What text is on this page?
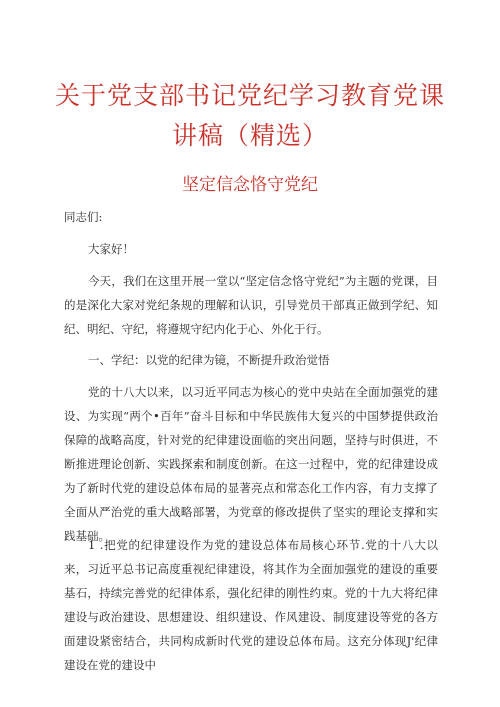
关于党支部书记党纪学习教育党课
讲稿（精选）
坚定信念恪守党纪

同志们:

大家好！

今天，我们在这里开展一堂以“坚定信念恪守党纪”为主题的党课，目的是深化大家对党纪条规的理解和认识，引导党员干部真正做到学纪、知纪、明纪、守纪，将遵规守纪内化于心、外化于行。

一、学纪：以党的纪律为镜，不断提升政治觉悟

党的十八大以来，以习近平同志为核心的党中央站在全面加强党的建设、为实现“两个•百年”奋斗目标和中华民族伟大复兴的中国梦提供政治保障的战略高度，针对党的纪律建设面临的突出问题，坚持与时俱进，不断推进理论创新、实践探索和制度创新。在这一过程中，党的纪律建设成为了新时代党的建设总体布局的显著亮点和常态化工作内容，有力支撑了全面从严治党的重大战略部署，为党章的修改提供了坚实的理论支撑和实践基础。

1 .把党的纪律建设作为党的建设总体布局核心环节.党的十八大以来，习近平总书记高度重视纪律建设，将其作为全面加强党的建设的重要基石，持续完善党的纪律体系，强化纪律的刚性约束。党的十九大将纪律建设与政治建设、思想建设、组织建设、作风建设、制度建设等党的各方面建设紧密结合，共同构成新时代党的建设总体布局。这充分体现J'纪律建设在党的建设中
